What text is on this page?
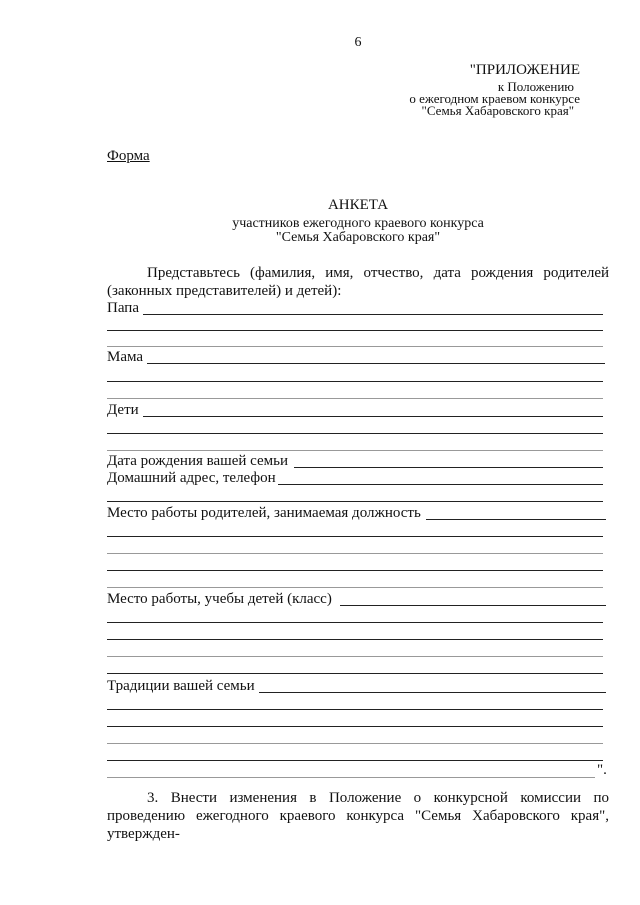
6
"ПРИЛОЖЕНИЕ
к Положению
о ежегодном краевом конкурсе
"Семья Хабаровского края"
Форма
АНКЕТА
участников ежегодного краевого конкурса
"Семья Хабаровского края"
Представьтесь (фамилия, имя, отчество, дата рождения родителей (законных представителей) и детей):
Папа
Мама
Дети
Дата рождения вашей семьи
Домашний адрес, телефон
Место работы родителей, занимаемая должность
Место работы, учебы детей (класс)
Традиции вашей семьи
".
3. Внести изменения в Положение о конкурсной комиссии по проведению ежегодного краевого конкурса "Семья Хабаровского края", утвержден-
